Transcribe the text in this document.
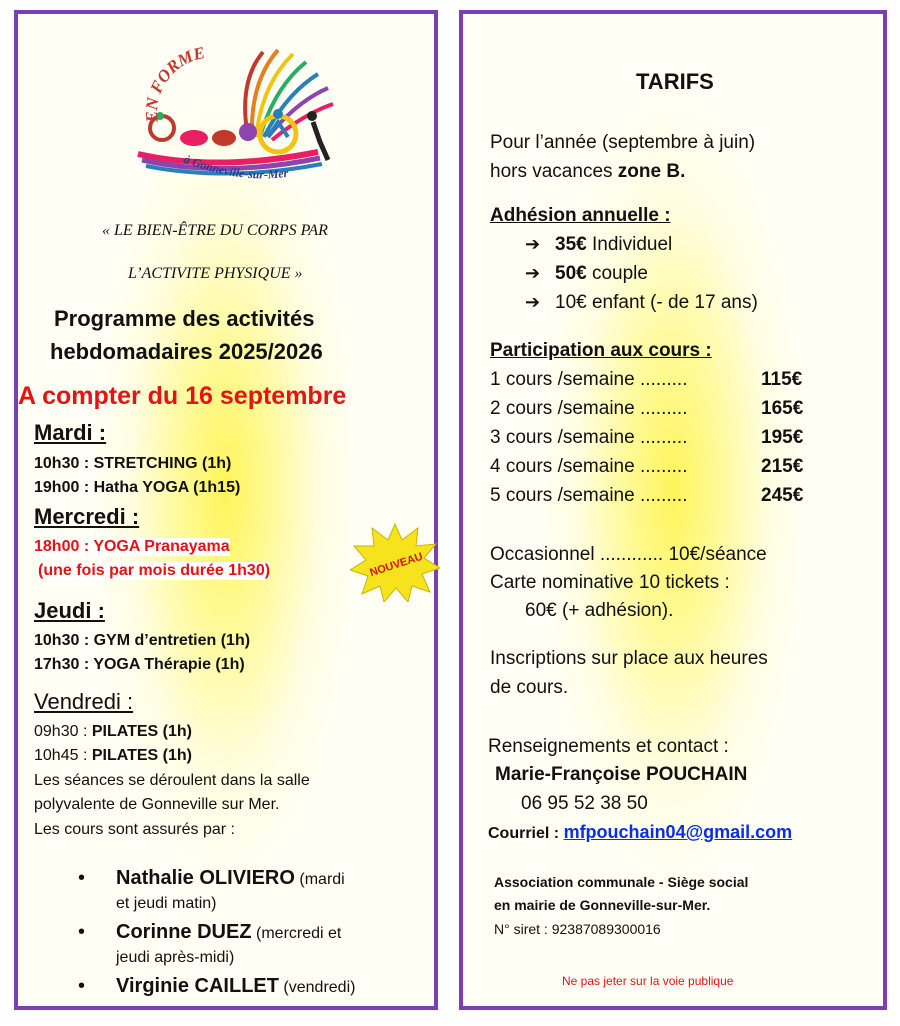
EN FORME
à Gonneville-sur-Mer
« LE BIEN-ÊTRE DU CORPS PAR
L’ACTIVITE PHYSIQUE »
Programme des activités
hebdomadaires 2025/2026
A compter du 16 septembre
Mardi :
10h30 : STRETCHING (1h)
19h00 : Hatha YOGA (1h15)
Mercredi :
18h00 : YOGA Pranayama
(une fois par mois durée 1h30)	NOUVEAU
Jeudi :
10h30 : GYM d’entretien (1h)
17h30 : YOGA Thérapie (1h)
Vendredi :
09h30 : PILATES (1h)
10h45 : PILATES (1h)
Les séances se déroulent dans la salle
polyvalente de Gonneville sur Mer.
Les cours sont assurés par :
• Nathalie OLIVIERO (mardi
et jeudi matin)
• Corinne DUEZ (mercredi et
jeudi après-midi)
• Virginie CAILLET (vendredi)
TARIFS
Pour l’année (septembre à juin)
hors vacances zone B.
Adhésion annuelle :
➔ 35€ Individuel
➔ 50€ couple
➔ 10€ enfant (- de 17 ans)
Participation aux cours :
1 cours /semaine .........	115€
2 cours /semaine .........	165€
3 cours /semaine .........	195€
4 cours /semaine .........	215€
5 cours /semaine .........	245€
Occasionnel ............ 10€/séance
Carte nominative 10 tickets :
60€ (+ adhésion).
Inscriptions sur place aux heures
de cours.
Renseignements et contact :
Marie-Françoise POUCHAIN
06 95 52 38 50
Courriel : mfpouchain04@gmail.com
Association communale - Siège social
en mairie de Gonneville-sur-Mer.
N° siret : 92387089300016
Ne pas jeter sur la voie publique
